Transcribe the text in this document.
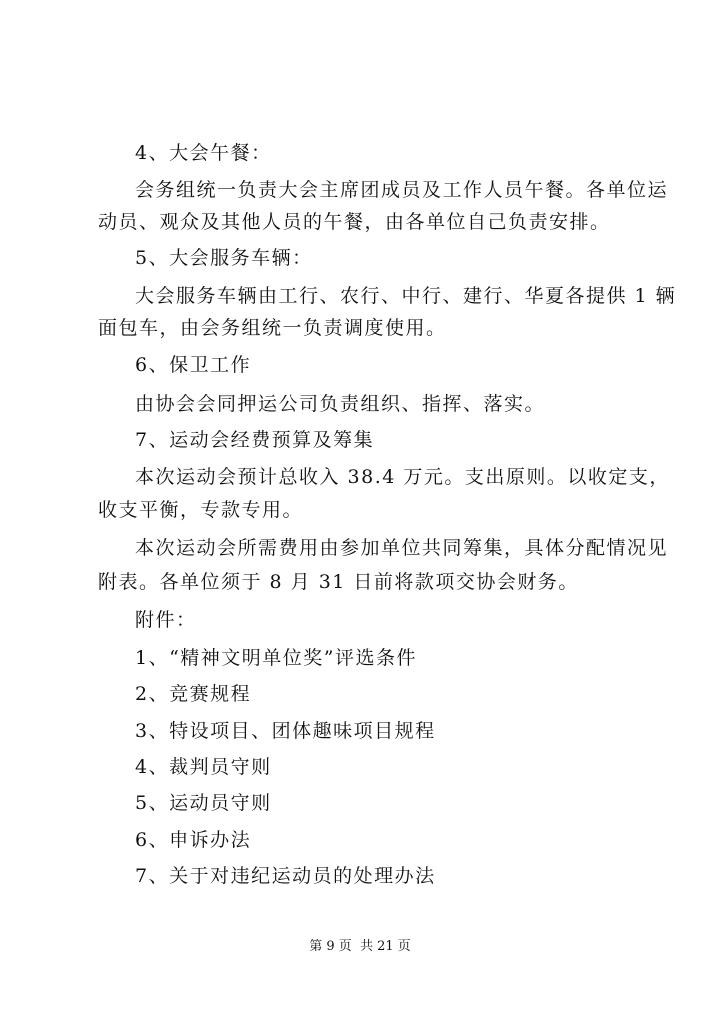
4、大会午餐：
会务组统一负责大会主席团成员及工作人员午餐。各单位运
动员、观众及其他人员的午餐，由各单位自己负责安排。
5、大会服务车辆：
大会服务车辆由工行、农行、中行、建行、华夏各提供 1 辆
面包车，由会务组统一负责调度使用。
6、保卫工作
由协会会同押运公司负责组织、指挥、落实。
7、运动会经费预算及筹集
本次运动会预计总收入 38.4 万元。支出原则。以收定支，
收支平衡，专款专用。
本次运动会所需费用由参加单位共同筹集，具体分配情况见
附表。各单位须于 8 月 31 日前将款项交协会财务。
附件：
1、“精神文明单位奖”评选条件
2、竞赛规程
3、特设项目、团体趣味项目规程
4、裁判员守则
5、运动员守则
6、申诉办法
7、关于对违纪运动员的处理办法
第 9 页  共 21 页
